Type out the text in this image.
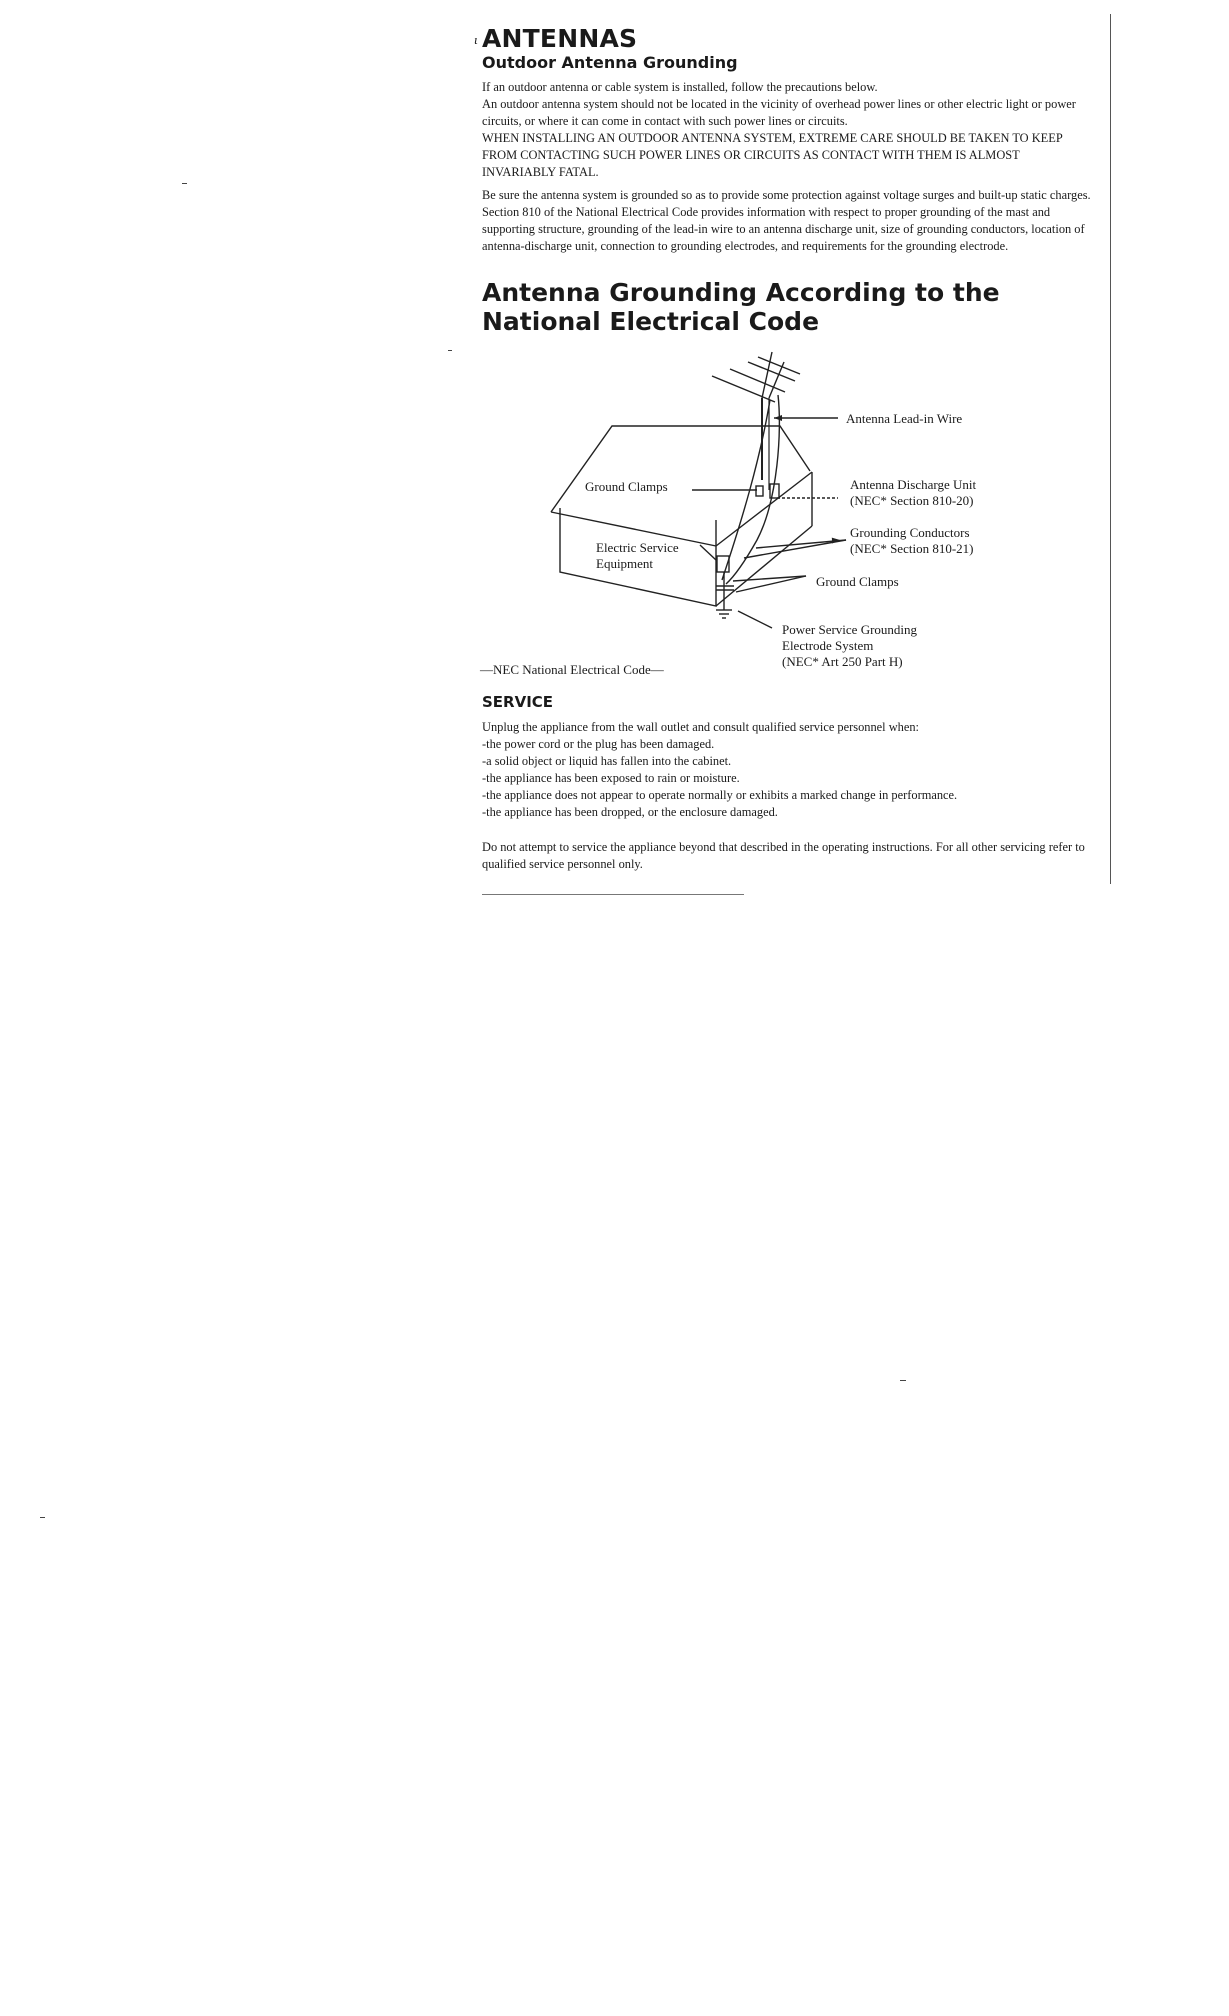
ι ANTENNAS
Outdoor Antenna Grounding

If an outdoor antenna or cable system is installed, follow the precautions below.

An outdoor antenna system should not be located in the vicinity of overhead power lines or other electric light or power circuits, or where it can come in contact with such power lines or circuits.

WHEN INSTALLING AN OUTDOOR ANTENNA SYSTEM, EXTREME CARE SHOULD BE TAKEN TO KEEP FROM CONTACTING SUCH POWER LINES OR CIRCUITS AS CONTACT WITH THEM IS ALMOST INVARIABLY FATAL.

Be sure the antenna system is grounded so as to provide some protection against voltage surges and built-up static charges. Section 810 of the National Electrical Code provides information with respect to proper grounding of the mast and supporting structure, grounding of the lead-in wire to an antenna discharge unit, size of grounding conductors, location of antenna-discharge unit, connection to grounding electrodes, and requirements for the grounding electrode.

Antenna Grounding According to the National Electrical Code
Antenna Lead-in Wire
Ground Clamps	Antenna Discharge Unit
(NEC* Section 810-20)
Grounding Conductors
(NEC* Section 810-21)
Electric Service
Equipment
Ground Clamps
Power Service Grounding
Electrode System
(NEC* Art 250 Part H)
—NEC National Electrical Code—
SERVICE

Unplug the appliance from the wall outlet and consult qualified service personnel when:

-the power cord or the plug has been damaged.
-a solid object or liquid has fallen into the cabinet.
-the appliance has been exposed to rain or moisture.
-the appliance does not appear to operate normally or exhibits a marked change in performance.
-the appliance has been dropped, or the enclosure damaged.

Do not attempt to service the appliance beyond that described in the operating instructions. For all other servicing refer to qualified service personnel only.
